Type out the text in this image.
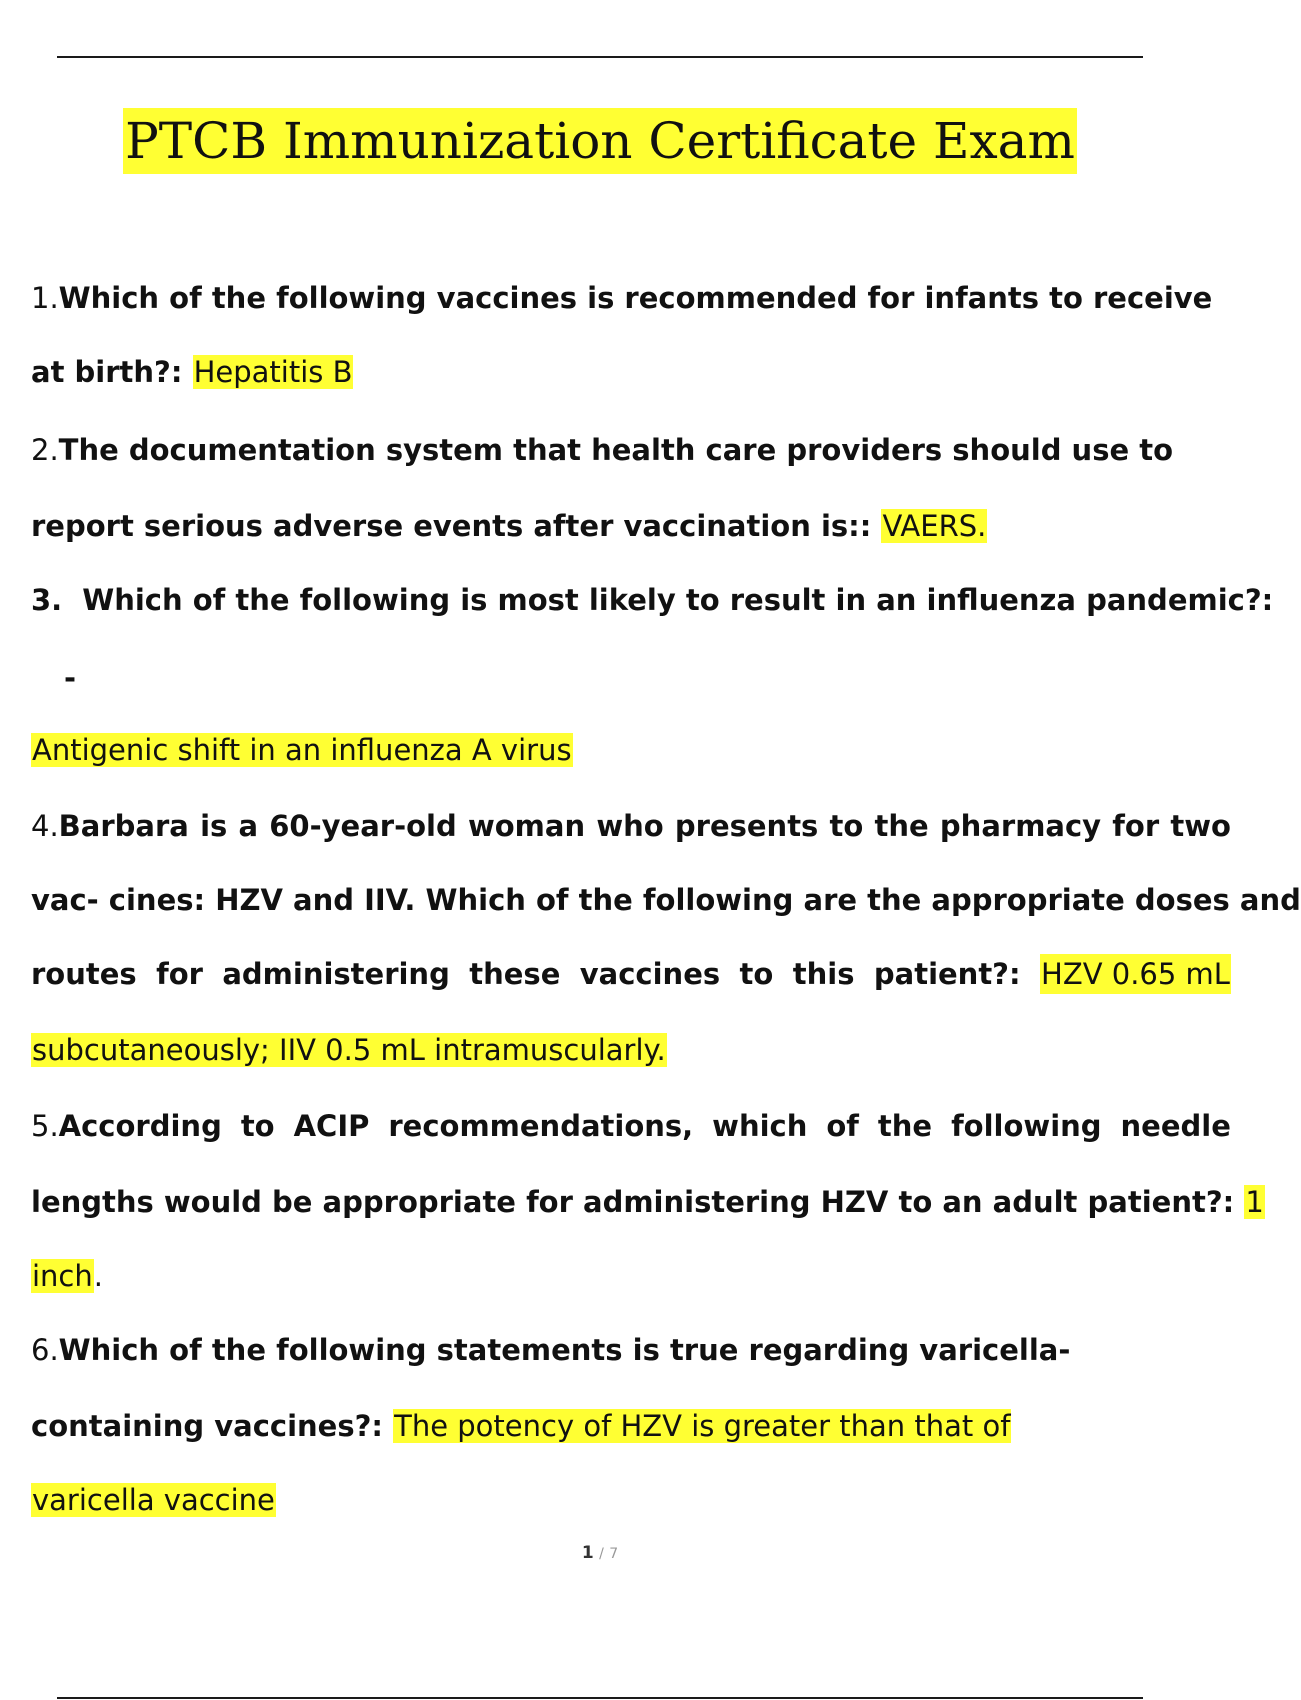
PTCB Immunization Certificate Exam
1.Which of the following vaccines is recommended for infants to receive
at birth?: Hepatitis B
2.The documentation system that health care providers should use to
report serious adverse events after vaccination is:: VAERS.
3. Which of the following is most likely to result in an influenza pandemic?:
-
Antigenic shift in an influenza A virus
4.Barbara is a 60-year-old woman who presents to the pharmacy for two
vac- cines: HZV and IIV. Which of the following are the appropriate doses and
routes for administering these vaccines to this patient?: HZV 0.65 mL
subcutaneously; IIV 0.5 mL intramuscularly.
5.According to ACIP recommendations, which of the following needle
lengths would be appropriate for administering HZV to an adult patient?: 1
inch.
6.Which of the following statements is true regarding varicella-
containing vaccines?: The potency of HZV is greater than that of
varicella vaccine
1 / 7
